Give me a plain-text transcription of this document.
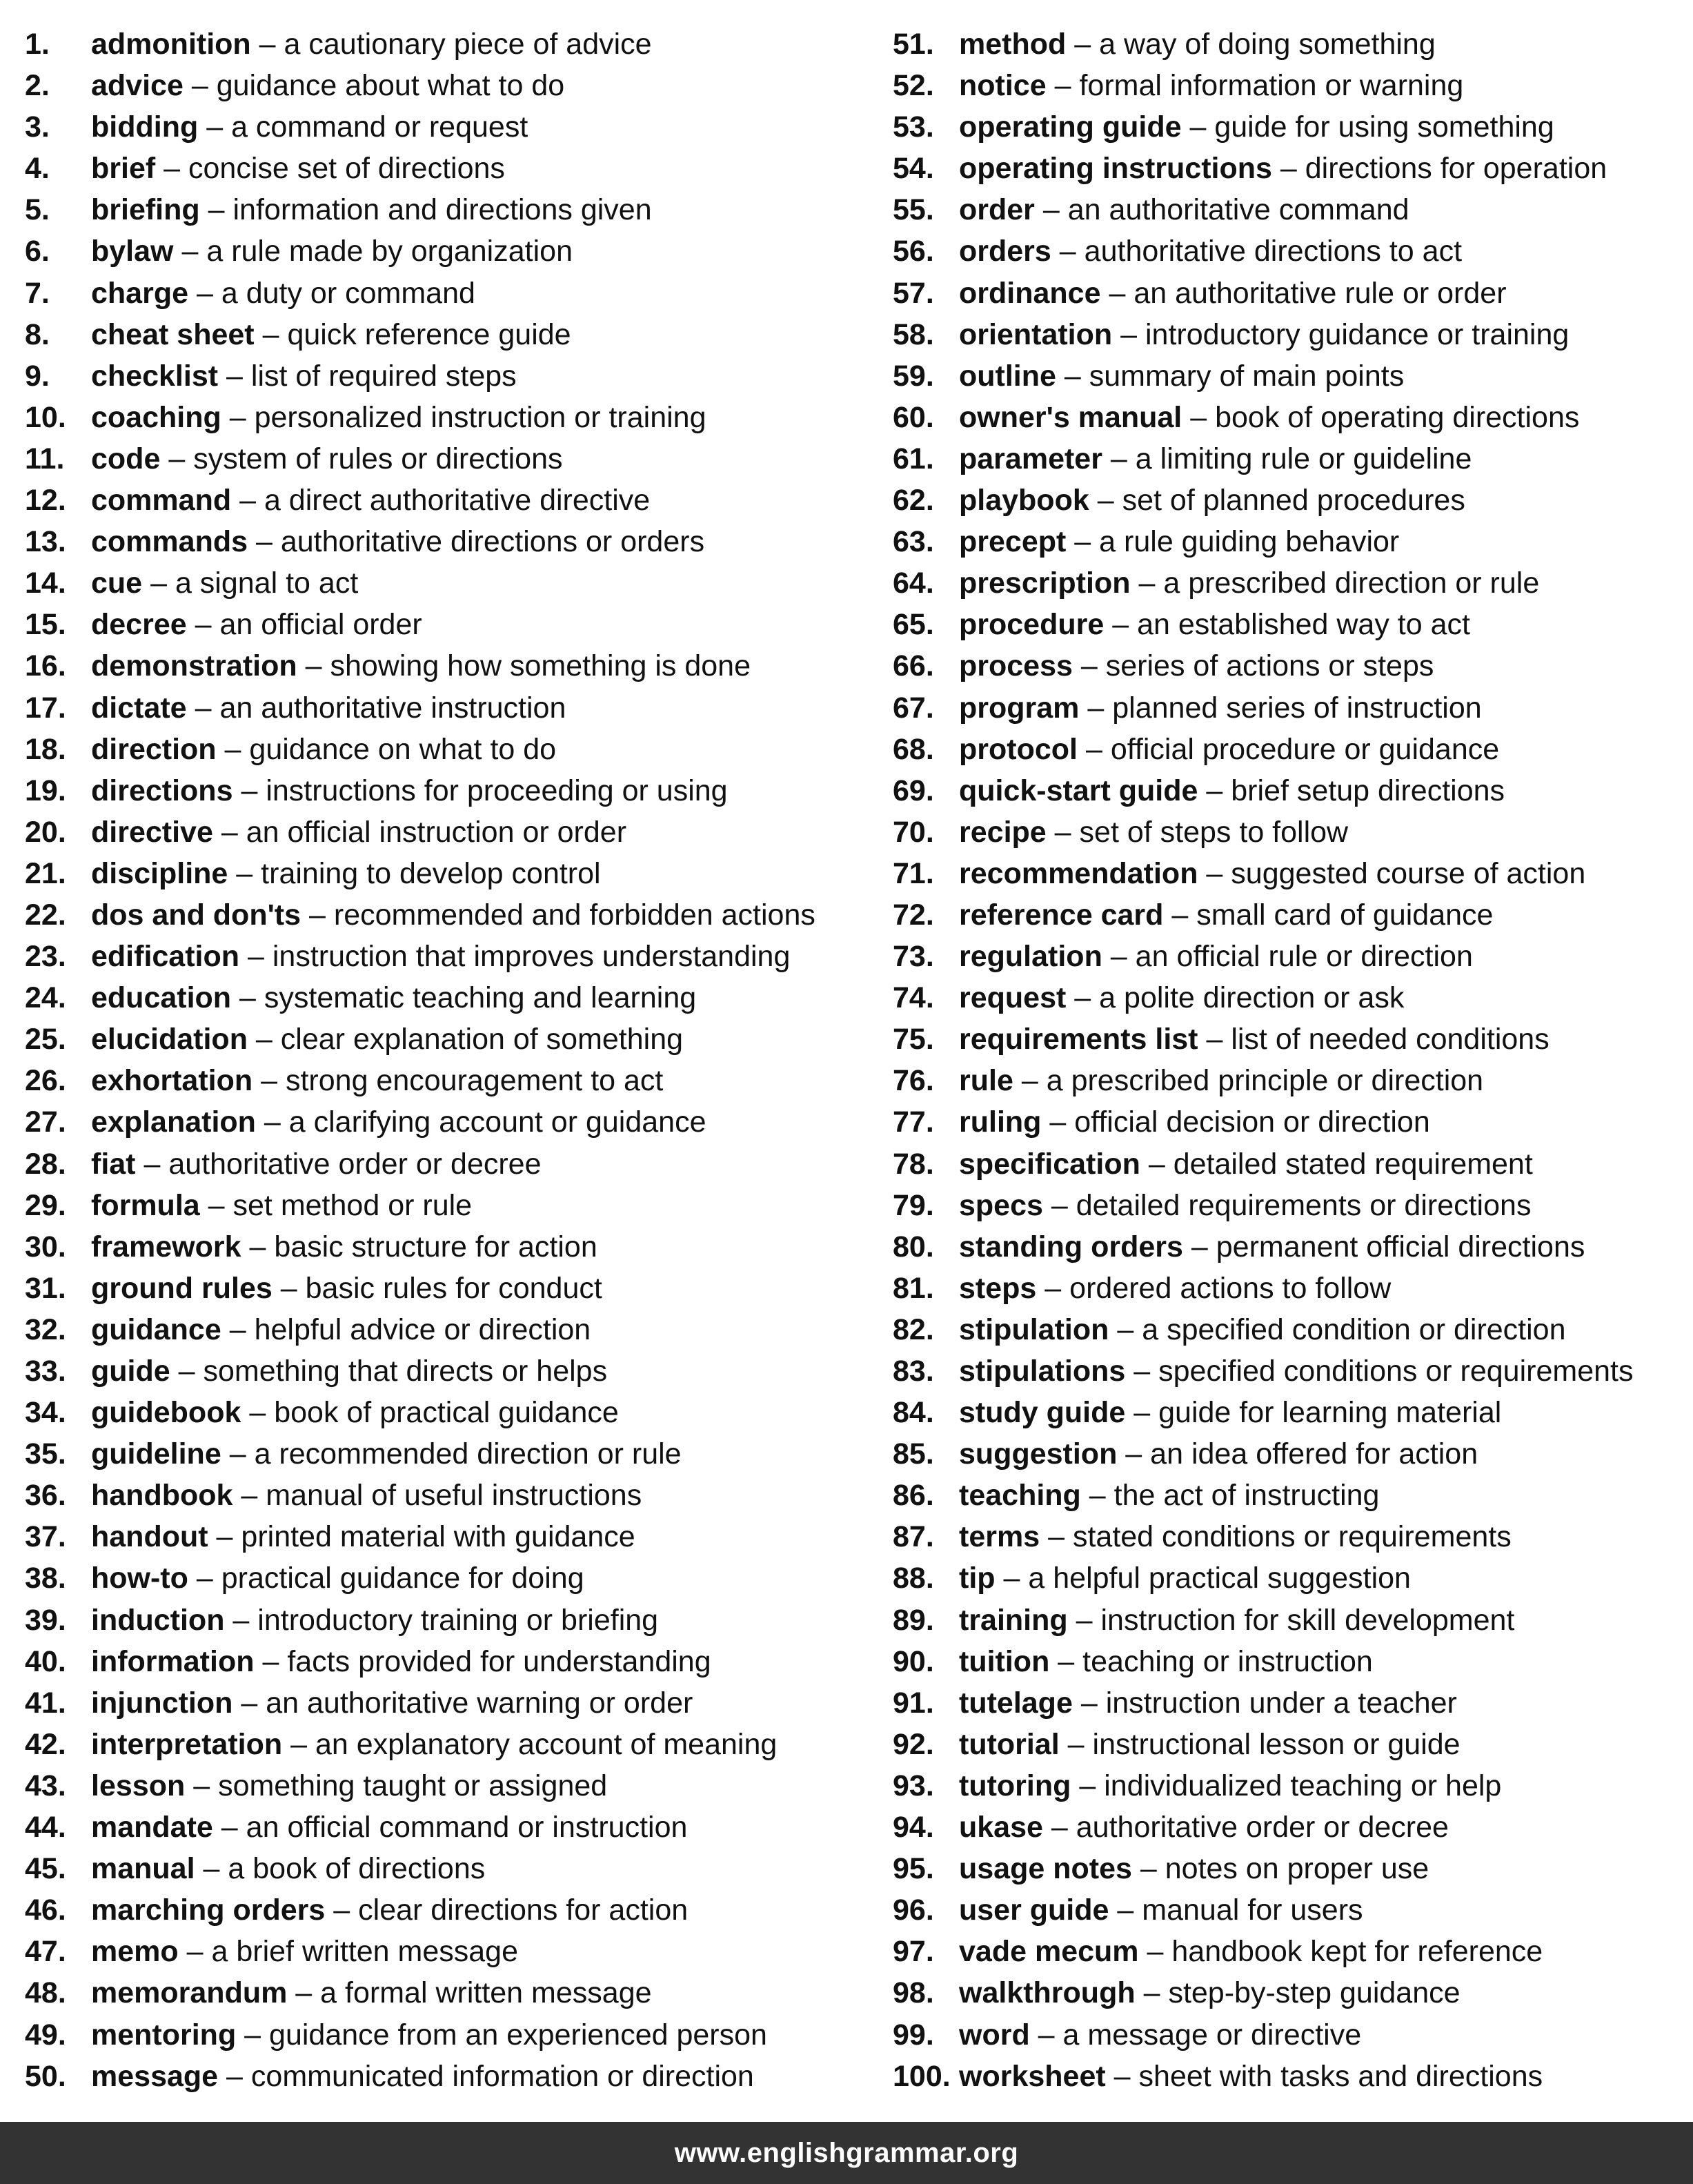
1. admonition – a cautionary piece of advice
2. advice – guidance about what to do
3. bidding – a command or request
4. brief – concise set of directions
5. briefing – information and directions given
6. bylaw – a rule made by organization
7. charge – a duty or command
8. cheat sheet – quick reference guide
9. checklist – list of required steps
10. coaching – personalized instruction or training
11. code – system of rules or directions
12. command – a direct authoritative directive
13. commands – authoritative directions or orders
14. cue – a signal to act
15. decree – an official order
16. demonstration – showing how something is done
17. dictate – an authoritative instruction
18. direction – guidance on what to do
19. directions – instructions for proceeding or using
20. directive – an official instruction or order
21. discipline – training to develop control
22. dos and don'ts – recommended and forbidden actions
23. edification – instruction that improves understanding
24. education – systematic teaching and learning
25. elucidation – clear explanation of something
26. exhortation – strong encouragement to act
27. explanation – a clarifying account or guidance
28. fiat – authoritative order or decree
29. formula – set method or rule
30. framework – basic structure for action
31. ground rules – basic rules for conduct
32. guidance – helpful advice or direction
33. guide – something that directs or helps
34. guidebook – book of practical guidance
35. guideline – a recommended direction or rule
36. handbook – manual of useful instructions
37. handout – printed material with guidance
38. how-to – practical guidance for doing
39. induction – introductory training or briefing
40. information – facts provided for understanding
41. injunction – an authoritative warning or order
42. interpretation – an explanatory account of meaning
43. lesson – something taught or assigned
44. mandate – an official command or instruction
45. manual – a book of directions
46. marching orders – clear directions for action
47. memo – a brief written message
48. memorandum – a formal written message
49. mentoring – guidance from an experienced person
50. message – communicated information or direction
51. method – a way of doing something
52. notice – formal information or warning
53. operating guide – guide for using something
54. operating instructions – directions for operation
55. order – an authoritative command
56. orders – authoritative directions to act
57. ordinance – an authoritative rule or order
58. orientation – introductory guidance or training
59. outline – summary of main points
60. owner's manual – book of operating directions
61. parameter – a limiting rule or guideline
62. playbook – set of planned procedures
63. precept – a rule guiding behavior
64. prescription – a prescribed direction or rule
65. procedure – an established way to act
66. process – series of actions or steps
67. program – planned series of instruction
68. protocol – official procedure or guidance
69. quick-start guide – brief setup directions
70. recipe – set of steps to follow
71. recommendation – suggested course of action
72. reference card – small card of guidance
73. regulation – an official rule or direction
74. request – a polite direction or ask
75. requirements list – list of needed conditions
76. rule – a prescribed principle or direction
77. ruling – official decision or direction
78. specification – detailed stated requirement
79. specs – detailed requirements or directions
80. standing orders – permanent official directions
81. steps – ordered actions to follow
82. stipulation – a specified condition or direction
83. stipulations – specified conditions or requirements
84. study guide – guide for learning material
85. suggestion – an idea offered for action
86. teaching – the act of instructing
87. terms – stated conditions or requirements
88. tip – a helpful practical suggestion
89. training – instruction for skill development
90. tuition – teaching or instruction
91. tutelage – instruction under a teacher
92. tutorial – instructional lesson or guide
93. tutoring – individualized teaching or help
94. ukase – authoritative order or decree
95. usage notes – notes on proper use
96. user guide – manual for users
97. vade mecum – handbook kept for reference
98. walkthrough – step-by-step guidance
99. word – a message or directive
100. worksheet – sheet with tasks and directions
www.englishgrammar.org
